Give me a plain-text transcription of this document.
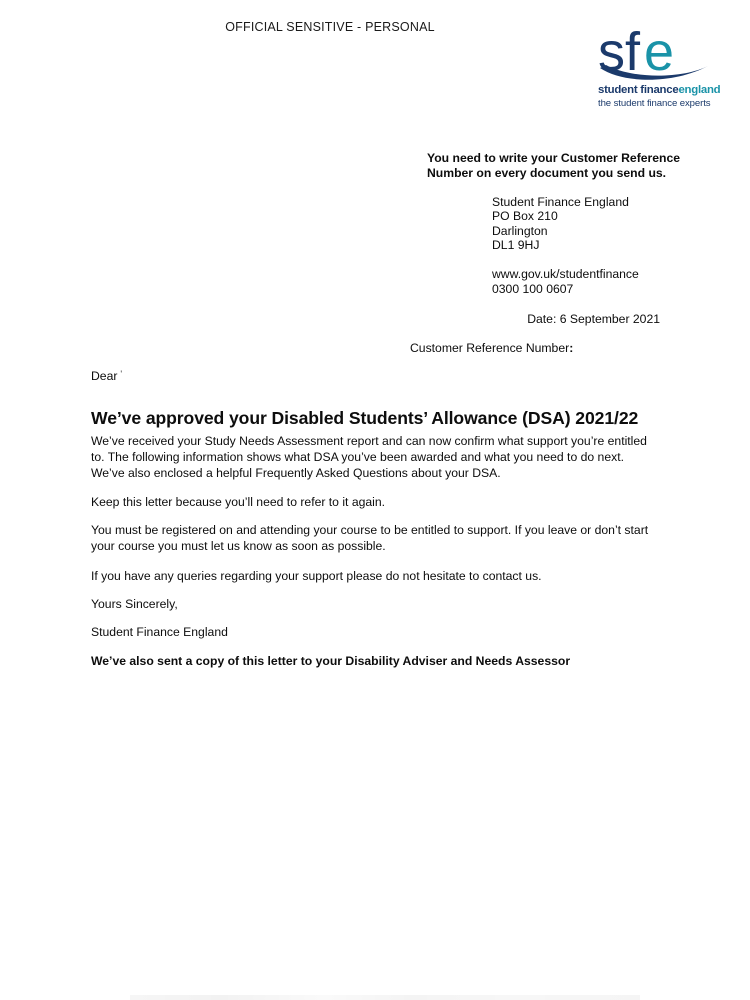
OFFICIAL SENSITIVE - PERSONAL	s f e
student financeengland
the student finance experts
You need to write your Customer Reference Number on every document you send us.
Student Finance England
PO Box 210
Darlington
DL1 9HJ
www.gov.uk/studentfinance
0300 100 0607
Date: 6 September 2021
Customer Reference Number:
Dear '
We’ve approved your Disabled Students’ Allowance (DSA) 2021/22

We’ve received your Study Needs Assessment report and can now confirm what support you’re entitled to. The following information shows what DSA you’ve been awarded and what you need to do next. We’ve also enclosed a helpful Frequently Asked Questions about your DSA.

Keep this letter because you’ll need to refer to it again.

You must be registered on and attending your course to be entitled to support. If you leave or don’t start your course you must let us know as soon as possible.

If you have any queries regarding your support please do not hesitate to contact us.

Yours Sincerely,

Student Finance England

We’ve also sent a copy of this letter to your Disability Adviser and Needs Assessor
